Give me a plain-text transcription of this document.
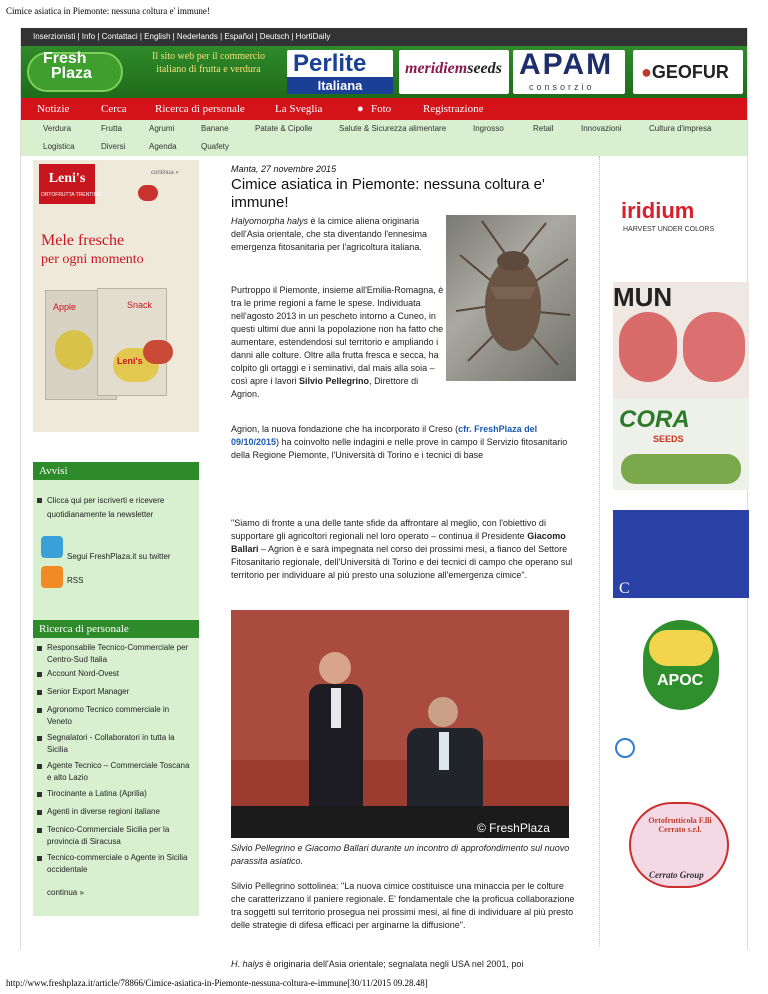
Cimice asiatica in Piemonte: nessuna coltura e' immune!
Inserzionisti | Info | Contattaci | English | Nederlands | Español | Deutsch | HortiDaily
Fresh
Plaza
Il sito web per il commercio italiano di frutta e verdura	Perlite
Italiana
meridiemseeds APAM
consorzio
●GEOFUR
Notizie	Cerca	Ricerca di personale	La Sveglia	● Foto	Registrazione
Verdura	Frutta	Agrumi	Banane	Patate & Cipolle	Salute & Sicurezza alimentare	Ingrosso	Retail	Innovazioni	Cultura d'impresa
Logistica	Diversi	Agenda	Quafety
Leni's
ORTOFRUTTA TRENTINO
continua »
Mele fresche
per ogni momento
Apple	Snack
Leni's
Avvisi
Clicca qui per iscriverti e ricevere quotidianamente la newsletter
Segui FreshPlaza.it su twitter
RSS
Ricerca di personale
Responsabile Tecnico-Commerciale per Centro-Sud Italia
Account Nord-Ovest
Senior Export Manager
Agronomo Tecnico commerciale in Veneto
Segnalatori - Collaboratori in tutta la Sicilia
Agente Tecnico – Commerciale Toscana e alto Lazio
Tirocinante a Latina (Aprilia)
Agenti in diverse regioni italiane
Tecnico-Commerciale Sicilia per la provincia di Siracusa
Tecnico-commerciale o Agente in Sicilia occidentale
continua »
Manta, 27 novembre 2015
Cimice asiatica in Piemonte: nessuna coltura e' immune!
Halyomorpha halys è la cimice aliena originaria dell'Asia orientale, che sta diventando l'ennesima emergenza fitosanitaria per l'agricoltura italiana.
Purtroppo il Piemonte, insieme all'Emilia-Romagna, è tra le prime regioni a farne le spese. Individuata nell'agosto 2013 in un pescheto intorno a Cuneo, in questi ultimi due anni la popolazione non ha fatto che aumentare, estendendosi sul territorio e ampliando i danni alle colture. Oltre alla frutta fresca e secca, ha colpito gli ortaggi e i seminativi, dal mais alla soia – così apre i lavori Silvio Pellegrino, Direttore di Agrion.
Agrion, la nuova fondazione che ha incorporato il Creso (cfr. FreshPlaza del 09/10/2015) ha coinvolto nelle indagini e nelle prove in campo il Servizio fitosanitario della Regione Piemonte, l'Università di Torino e i tecnici di base
"Siamo di fronte a una delle tante sfide da affrontare al meglio, con l'obiettivo di supportare gli agricoltori regionali nel loro operato – continua il Presidente Giacomo Ballari – Agrion è e sarà impegnata nel corso dei prossimi mesi, a fianco del Settore Fitosanitario regionale, dell'Università di Torino e dei tecnici di campo che operano sul territorio per individuare al più presto una soluzione all'emergenza cimice".
© FreshPlaza
Silvio Pellegrino e Giacomo Ballari durante un incontro di approfondimento sul nuovo parassita asiatico.
Silvio Pellegrino sottolinea: "La nuova cimice costituisce una minaccia per le colture che caratterizzano il paniere regionale. E' fondamentale che la proficua collaborazione tra soggetti sul territorio prosegua nei prossimi mesi, al fine di individuare al più presto delle strategie di difesa efficaci per arginarne la diffusione".
H. halys è originaria dell'Asia orientale; segnalata negli USA nel 2001, poi
iridium
HARVEST UNDER COLORS
MUN
CORA
SEEDS
C
APOC
Ortofrutticola F.lli Cerrato s.r.l.
Cerrato Group
http://www.freshplaza.it/article/78866/Cimice-asiatica-in-Piemonte-nessuna-coltura-e-immune[30/11/2015 09.28.48]
